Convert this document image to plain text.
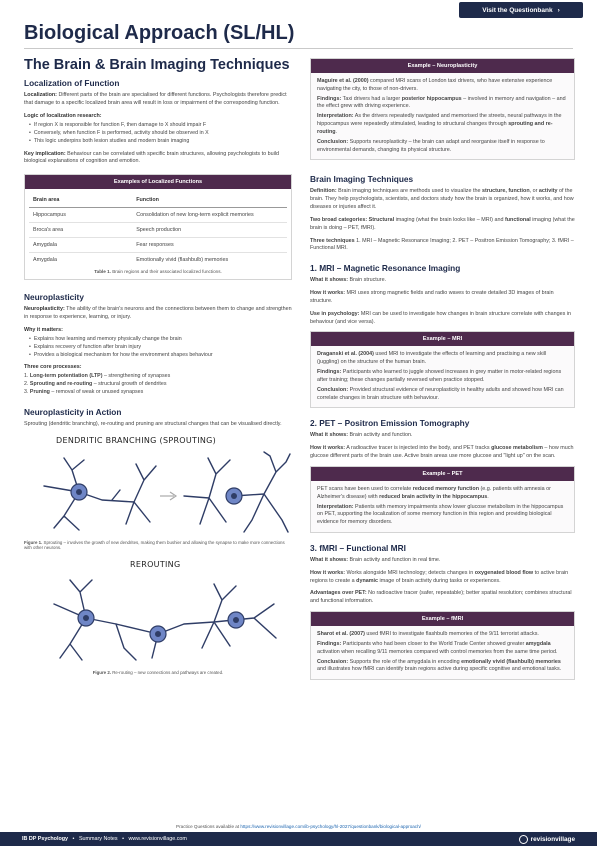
Visit the Questionbank ›
Biological Approach (SL/HL)
The Brain & Brain Imaging Techniques
Localization of Function

Localization: Different parts of the brain are specialised for different functions. Psychologists therefore predict that damage to a specific localized brain area will result in loss or impairment of the corresponding function.

Logic of localization research:

• If region X is responsible for function F, then damage to X should impair F
• Conversely, when function F is performed, activity should be observed in X
• This logic underpins both lesion studies and modern brain imaging

Key implication: Behaviour can be correlated with specific brain structures, allowing psychologists to build biological explanations of cognition and emotion.

Examples of Localized Functions
Brain area	Function
Hippocampus	Consolidation of new long-term explicit memories
Broca's area	Speech production
Amygdala	Fear responses
Amygdala	Emotionally vivid (flashbulb) memories
Table 1. Brain regions and their associated localized functions.
Neuroplasticity

Neuroplasticity: The ability of the brain's neurons and the connections between them to change and strengthen in response to experience, learning, or injury.

Why it matters:

• Explains how learning and memory physically change the brain
• Explains recovery of function after brain injury
• Provides a biological mechanism for how the environment shapes behaviour

Three core processes:

1. Long-term potentiation (LTP) – strengthening of synapses
2. Sprouting and re-routing – structural growth of dendrites
3. Pruning – removal of weak or unused synapses
Neuroplasticity in Action

Sprouting (dendritic branching), re-routing and pruning are structural changes that can be visualised directly.

DENDRITIC BRANCHING (SPROUTING)
Figure 1. Sprouting – involves the growth of new dendrites, making them bushier and allowing the synapse to make more connections with other neurons.
REROUTING
Figure 2. Re-routing – new connections and pathways are created.
Example – Neuroplasticity

Maguire et al. (2000) compared MRI scans of London taxi drivers, who have extensive experience navigating the city, to those of non-drivers.

Findings: Taxi drivers had a larger posterior hippocampus – involved in memory and navigation – and the effect grew with driving experience.

Interpretation: As the drivers repeatedly navigated and memorised the streets, neural pathways in the hippocampus were repeatedly stimulated, leading to structural changes through sprouting and re-routing.

Conclusion: Supports neuroplasticity – the brain can adapt and reorganise itself in response to environmental demands, changing its physical structure.

Brain Imaging Techniques

Definition: Brain imaging techniques are methods used to visualize the structure, function, or activity of the brain. They help psychologists, scientists, and doctors study how the brain is organized, how it works, and how diseases or injuries affect it.

Two broad categories: Structural imaging (what the brain looks like – MRI) and functional imaging (what the brain is doing – PET, fMRI).

Three techniques 1. MRI – Magnetic Resonance Imaging; 2. PET – Positron Emission Tomography; 3. fMRI – Functional MRI.

1. MRI – Magnetic Resonance Imaging

What it shows: Brain structure.

How it works: MRI uses strong magnetic fields and radio waves to create detailed 3D images of brain structure.

Use in psychology: MRI can be used to investigate how changes in brain structure correlate with changes in behaviour (and vice versa).

Example – MRI

Draganski et al. (2004) used MRI to investigate the effects of learning and practising a new skill (juggling) on the structure of the human brain.

Findings: Participants who learned to juggle showed increases in grey matter in motor-related regions after training; these changes partially reversed when practice stopped.

Conclusion: Provided structural evidence of neuroplasticity in healthy adults and showed how MRI can correlate changes in brain structure with behaviour.

2. PET – Positron Emission Tomography

What it shows: Brain activity and function.

How it works: A radioactive tracer is injected into the body, and PET tracks glucose metabolism – how much glucose different parts of the brain use. Active brain areas use more glucose and "light up" on the scan.

Example – PET

PET scans have been used to correlate reduced memory function (e.g. patients with amnesia or Alzheimer's disease) with reduced brain activity in the hippocampus.

Interpretation: Patients with memory impairments show lower glucose metabolism in the hippocampus on PET, supporting the localization of some memory function in this region and providing biological evidence for memory disorders.

3. fMRI – Functional MRI

What it shows: Brain activity and function in real time.

How it works: Works alongside MRI technology; detects changes in oxygenated blood flow to active brain regions to create a dynamic image of brain activity during tasks or experiences.

Advantages over PET: No radioactive tracer (safer, repeatable); better spatial resolution; combines structural and functional information.

Example – fMRI

Sharot et al. (2007) used fMRI to investigate flashbulb memories of the 9/11 terrorist attacks.

Findings: Participants who had been closer to the World Trade Center showed greater amygdala activation when recalling 9/11 memories compared with control memories from the same time period.

Conclusion: Supports the role of the amygdala in encoding emotionally vivid (flashbulb) memories and illustrates how fMRI can identify brain regions active during specific cognitive and emotional tasks.

Practice Questions available at https://www.revisionvillage.com/ib-psychology/hl-2027/questionbank/biological-approach/
IB DP Psychology • Summary Notes • www.revisionvillage.com	revisionvillage
